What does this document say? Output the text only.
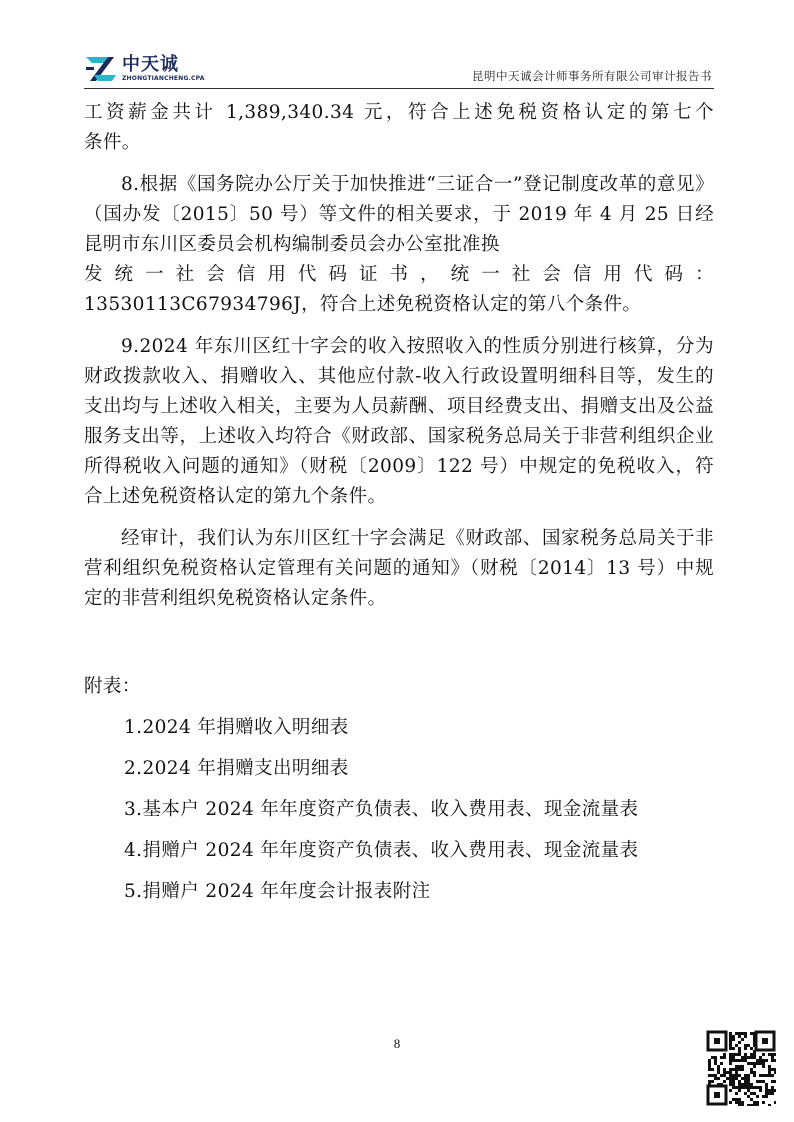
中天诚
ZHONGTIANCHENG.CPA	昆明中天诚会计师事务所有限公司审计报告书

工资薪金共计 1,389,340.34 元，符合上述免税资格认定的第七个

条件。

8.根据《国务院办公厅关于加快推进“三证合一”登记制度改革的意见》（国办发〔2015〕50 号）等文件的相关要求，于 2019 年 4 月 25 日经昆明市东川区委员会机构编制委员会办公室批准换

发统一社会信用代码证书，统一社会信用代码：

13530113C67934796J，符合上述免税资格认定的第八个条件。

9.2024 年东川区红十字会的收入按照收入的性质分别进行核算，分为财政拨款收入、捐赠收入、其他应付款-收入行政设置明细科目等，发生的支出均与上述收入相关，主要为人员薪酬、项目经费支出、捐赠支出及公益服务支出等，上述收入均符合《财政部、国家税务总局关于非营利组织企业所得税收入问题的通知》（财税〔2009〕122 号）中规定的免税收入，符合上述免税资格认定的第九个条件。

经审计，我们认为东川区红十字会满足《财政部、国家税务总局关于非营利组织免税资格认定管理有关问题的通知》（财税〔2014〕13 号）中规定的非营利组织免税资格认定条件。

附表：

1.2024 年捐赠收入明细表

2.2024 年捐赠支出明细表

3.基本户 2024 年年度资产负债表、收入费用表、现金流量表

4.捐赠户 2024 年年度资产负债表、收入费用表、现金流量表

5.捐赠户 2024 年年度会计报表附注

8
